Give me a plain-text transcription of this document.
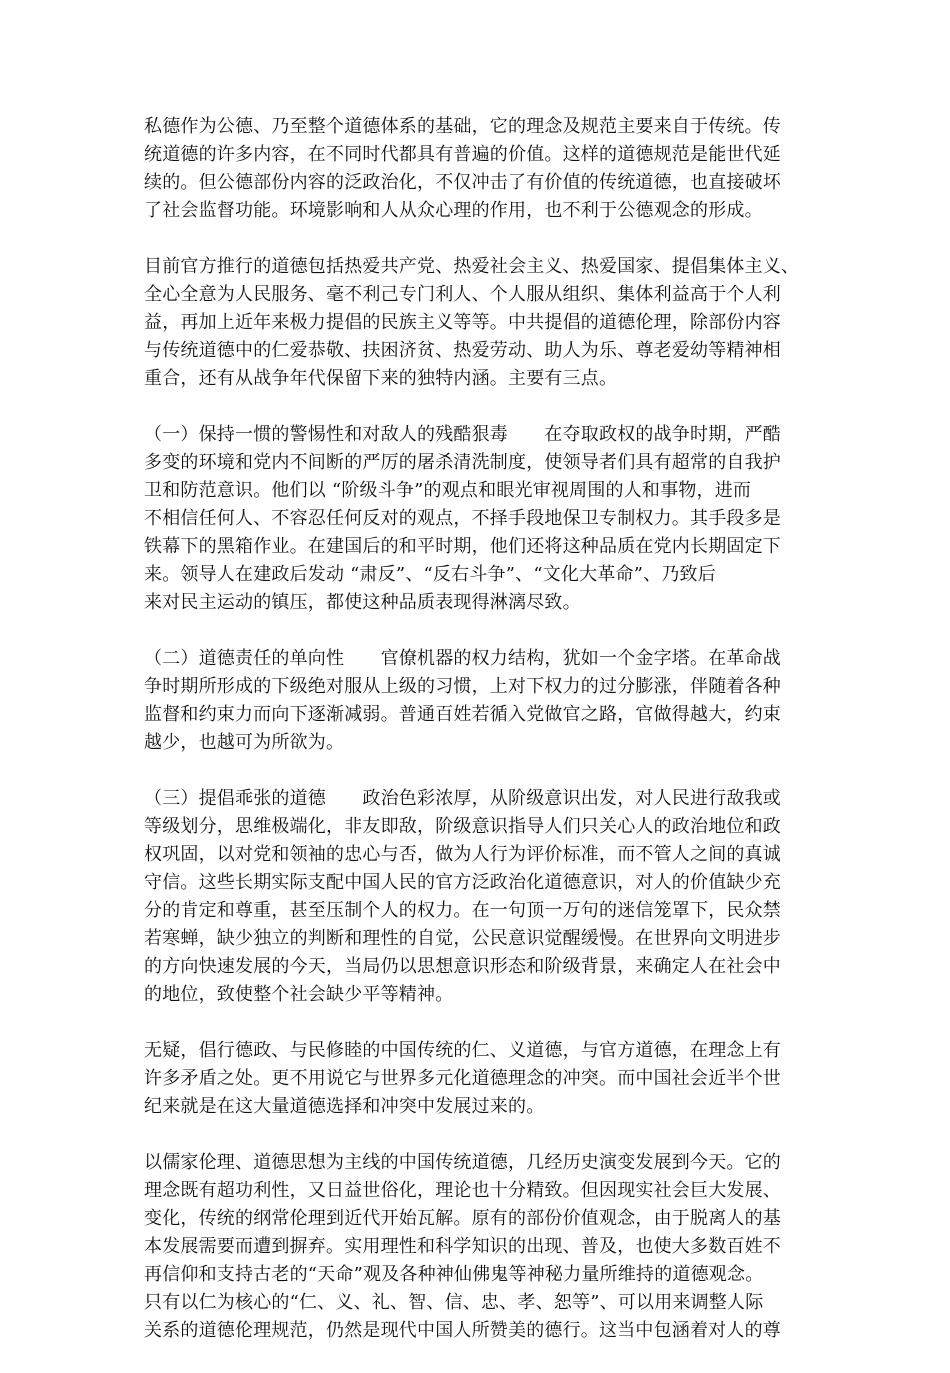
私德作为公德、乃至整个道德体系的基础，它的理念及规范主要来自于传统。传
统道德的许多内容，在不同时代都具有普遍的价值。这样的道德规范是能世代延
续的。但公德部份内容的泛政治化，不仅冲击了有价值的传统道德，也直接破坏
了社会监督功能。环境影响和人从众心理的作用，也不利于公德观念的形成。
目前官方推行的道德包括热爱共产党、热爱社会主义、热爱国家、提倡集体主义、
全心全意为人民服务、毫不利己专门利人、个人服从组织、集体利益高于个人利
益，再加上近年来极力提倡的民族主义等等。中共提倡的道德伦理，除部份内容
与传统道德中的仁爱恭敬、扶困济贫、热爱劳动、助人为乐、尊老爱幼等精神相
重合，还有从战争年代保留下来的独特内涵。主要有三点。
（一）保持一惯的警惕性和对敌人的残酷狠毒　　在夺取政权的战争时期，严酷
多变的环境和党内不间断的严厉的屠杀清洗制度，使领导者们具有超常的自我护
卫和防范意识。他们以 “阶级斗争”的观点和眼光审视周围的人和事物，进而
不相信任何人、不容忍任何反对的观点，不择手段地保卫专制权力。其手段多是
铁幕下的黑箱作业。在建国后的和平时期，他们还将这种品质在党内长期固定下
来。领导人在建政后发动 “肃反”、“反右斗争”、“文化大革命”、乃致后
来对民主运动的镇压，都使这种品质表现得淋漓尽致。
（二）道德责任的单向性　　官僚机器的权力结构，犹如一个金字塔。在革命战
争时期所形成的下级绝对服从上级的习惯，上对下权力的过分膨涨，伴随着各种
监督和约束力而向下逐渐减弱。普通百姓若循入党做官之路，官做得越大，约束
越少，也越可为所欲为。
（三）提倡乖张的道德　　政治色彩浓厚，从阶级意识出发，对人民进行敌我或
等级划分，思维极端化，非友即敌，阶级意识指导人们只关心人的政治地位和政
权巩固，以对党和领袖的忠心与否，做为人行为评价标准，而不管人之间的真诚
守信。这些长期实际支配中国人民的官方泛政治化道德意识，对人的价值缺少充
分的肯定和尊重，甚至压制个人的权力。在一句顶一万句的迷信笼罩下，民众禁
若寒蝉，缺少独立的判断和理性的自觉，公民意识觉醒缓慢。在世界向文明进步
的方向快速发展的今天，当局仍以思想意识形态和阶级背景，来确定人在社会中
的地位，致使整个社会缺少平等精神。
无疑，倡行德政、与民修睦的中国传统的仁、义道德，与官方道德，在理念上有
许多矛盾之处。更不用说它与世界多元化道德理念的冲突。而中国社会近半个世
纪来就是在这大量道德选择和冲突中发展过来的。
以儒家伦理、道德思想为主线的中国传统道德，几经历史演变发展到今天。它的
理念既有超功利性，又日益世俗化，理论也十分精致。但因现实社会巨大发展、
变化，传统的纲常伦理到近代开始瓦解。原有的部份价值观念，由于脱离人的基
本发展需要而遭到摒弃。实用理性和科学知识的出现、普及，也使大多数百姓不
再信仰和支持古老的“天命”观及各种神仙佛鬼等神秘力量所维持的道德观念。
只有以仁为核心的“仁、义、礼、智、信、忠、孝、恕等”、可以用来调整人际
关系的道德伦理规范，仍然是现代中国人所赞美的德行。这当中包涵着对人的尊
